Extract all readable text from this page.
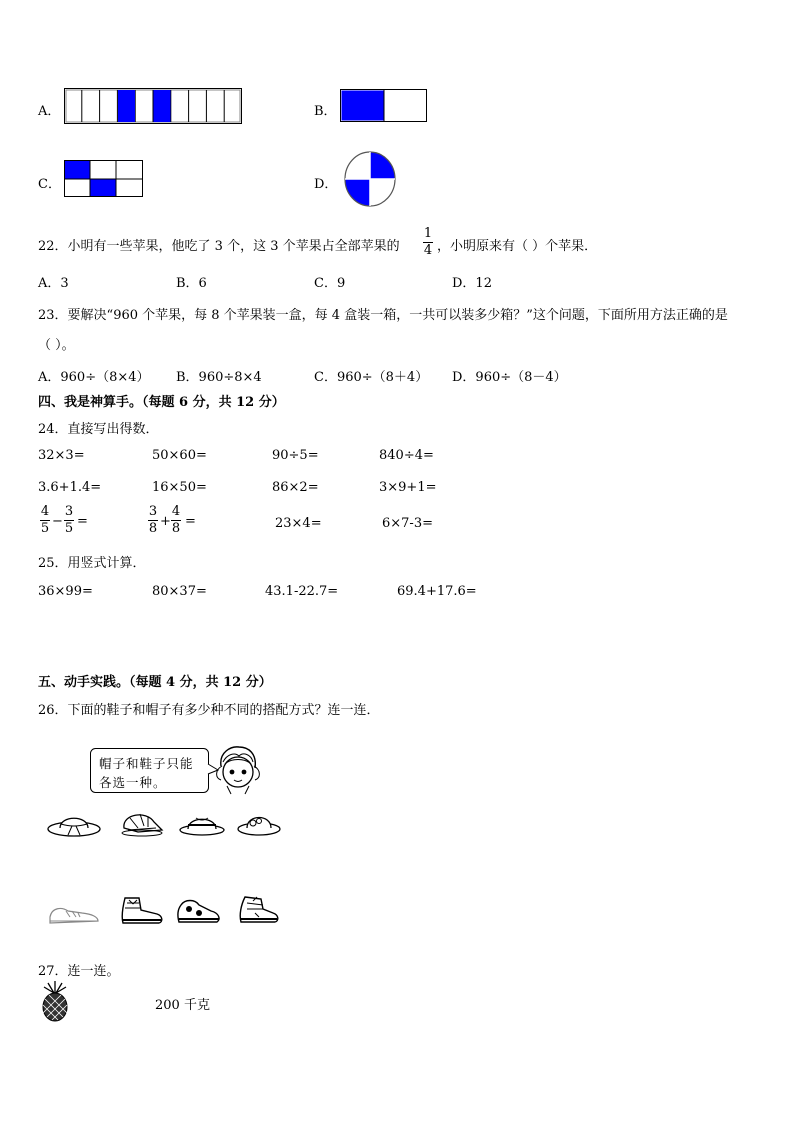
A．	B．
C．	D．
22．小明有一些苹果，他吃了 3 个，这 3 个苹果占全部苹果的
1
4 ，小明原来有（ ）个苹果．
A．3	B．6	C．9	D．12
23．要解决“960 个苹果，每 8 个苹果装一盒，每 4 盒装一箱，一共可以装多少箱？”这个问题，下面所用方法正确的是
（ ）。
A．960÷（8×4） B．960÷8×4	C．960÷（8＋4） D．960÷（8－4）
四、我是神算手。（每题 6 分，共 12 分）
24．直接写出得数．
32×3=	50×60=	90÷5=	840÷4=
3.6+1.4=	16×50=	86×2=	3×9+1=
4
5 −
3
5 =
3
8 +
4
8 =	23×4=	6×7-3=
25．用竖式计算．
36×99=	80×37=	43.1-22.7=	69.4+17.6=
五、动手实践。（每题 4 分，共 12 分）
26．下面的鞋子和帽子有多少种不同的搭配方式？连一连．
帽子和鞋子只能
各选一种。
27．连一连。
200 千克
